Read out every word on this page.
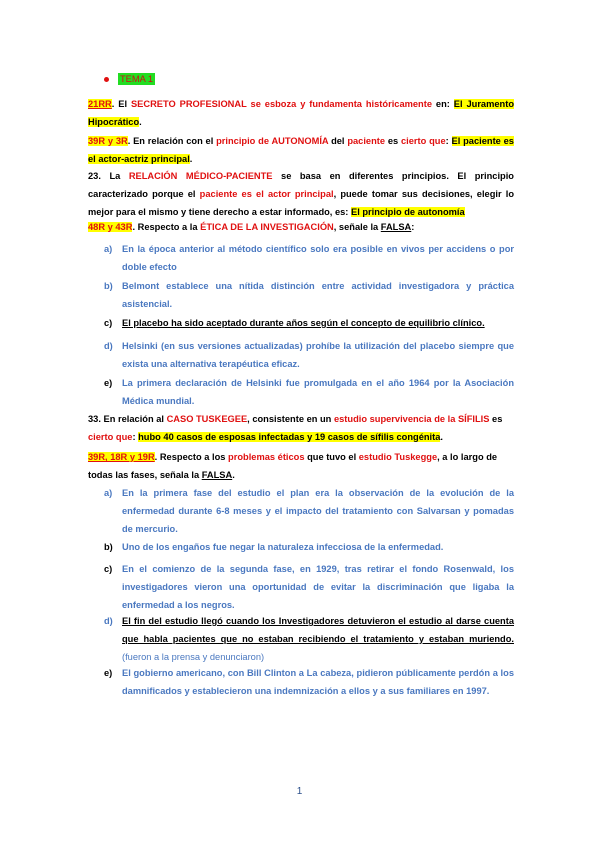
TEMA 1
21RR. El SECRETO PROFESIONAL se esboza y fundamenta históricamente en: El Juramento Hipocrático.
39R y 3R. En relación con el principio de AUTONOMÍA del paciente es cierto que: El paciente es el actor-actriz principal.
23. La RELACIÓN MÉDICO-PACIENTE se basa en diferentes principios. El principio caracterizado porque el paciente es el actor principal, puede tomar sus decisiones, elegir lo mejor para el mismo y tiene derecho a estar informado, es: El principio de autonomía
48R y 43R. Respecto a la ÉTICA DE LA INVESTIGACIÓN, señale la FALSA:
a) En la época anterior al método científico solo era posible en vivos per accidens o por doble efecto
b) Belmont establece una nítida distinción entre actividad investigadora y práctica asistencial.
c) El placebo ha sido aceptado durante años según el concepto de equilibrio clínico.
d) Helsinki (en sus versiones actualizadas) prohíbe la utilización del placebo siempre que exista una alternativa terapéutica eficaz.
e) La primera declaración de Helsinki fue promulgada en el año 1964 por la Asociación Médica mundial.
33. En relación al CASO TUSKEGEE, consistente en un estudio supervivencia de la SÍFILIS es cierto que: hubo 40 casos de esposas infectadas y 19 casos de sífilis congénita.
39R, 18R y 19R. Respecto a los problemas éticos que tuvo el estudio Tuskegge, a lo largo de todas las fases, señala la FALSA.
a) En la primera fase del estudio el plan era la observación de la evolución de la enfermedad durante 6-8 meses y el impacto del tratamiento con Salvarsan y pomadas de mercurio.
b) Uno de los engaños fue negar la naturaleza infecciosa de la enfermedad.
c) En el comienzo de la segunda fase, en 1929, tras retirar el fondo Rosenwald, los investigadores vieron una oportunidad de evitar la discriminación que ligaba la enfermedad a los negros.
d) El fin del estudio llegó cuando los Investigadores detuvieron el estudio al darse cuenta que habla pacientes que no estaban recibiendo el tratamiento y estaban muriendo. (fueron a la prensa y denunciaron)
e) El gobierno americano, con Bill Clinton a La cabeza, pidieron públicamente perdón a los damnificados y establecieron una indemnización a ellos y a sus familiares en 1997.
1
